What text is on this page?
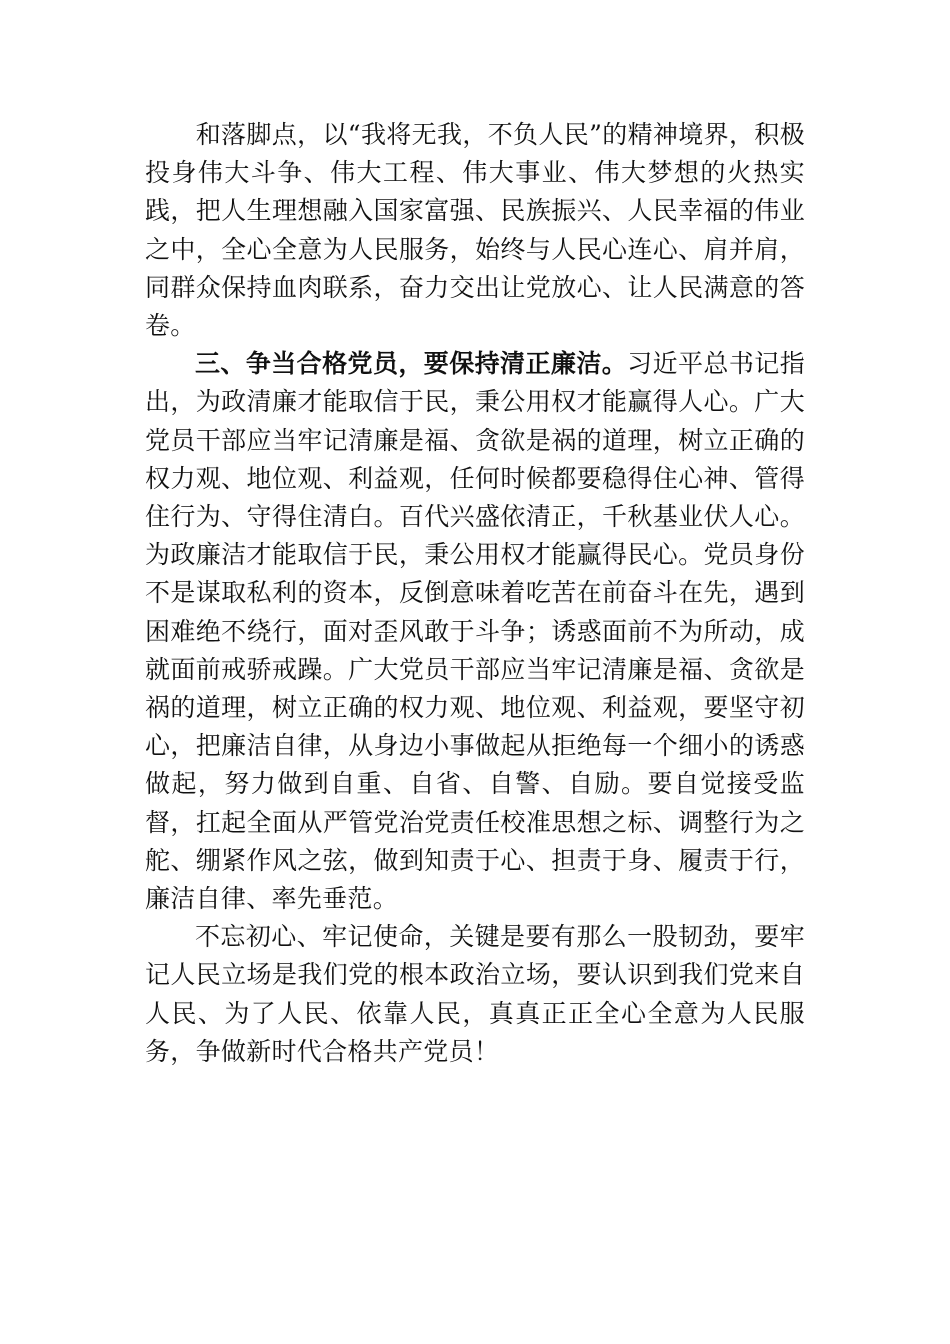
　　和落脚点，以“我将无我，不负人民”的精神境界，积极投身伟大斗争、伟大工程、伟大事业、伟大梦想的火热实践，把人生理想融入国家富强、民族振兴、人民幸福的伟业之中，全心全意为人民服务，始终与人民心连心、肩并肩，同群众保持血肉联系，奋力交出让党放心、让人民满意的答卷。

三、争当合格党员，要保持清正廉洁。习近平总书记指出，为政清廉才能取信于民，秉公用权才能赢得人心。广大党员干部应当牢记清廉是福、贪欲是祸的道理，树立正确的权力观、地位观、利益观，任何时候都要稳得住心神、管得住行为、守得住清白。百代兴盛依清正，千秋基业伏人心。为政廉洁才能取信于民，秉公用权才能赢得民心。党员身份不是谋取私利的资本，反倒意味着吃苦在前奋斗在先，遇到困难绝不绕行，面对歪风敢于斗争；诱惑面前不为所动，成就面前戒骄戒躁。广大党员干部应当牢记清廉是福、贪欲是祸的道理，树立正确的权力观、地位观、利益观，要坚守初心，把廉洁自律，从身边小事做起从拒绝每一个细小的诱惑做起，努力做到自重、自省、自警、自励。要自觉接受监督，扛起全面从严管党治党责任校准思想之标、调整行为之舵、绷紧作风之弦，做到知责于心、担责于身、履责于行，廉洁自律、率先垂范。

不忘初心、牢记使命，关键是要有那么一股韧劲，要牢记人民立场是我们党的根本政治立场，要认识到我们党来自人民、为了人民、依靠人民，真真正正全心全意为人民服务，争做新时代合格共产党员！
